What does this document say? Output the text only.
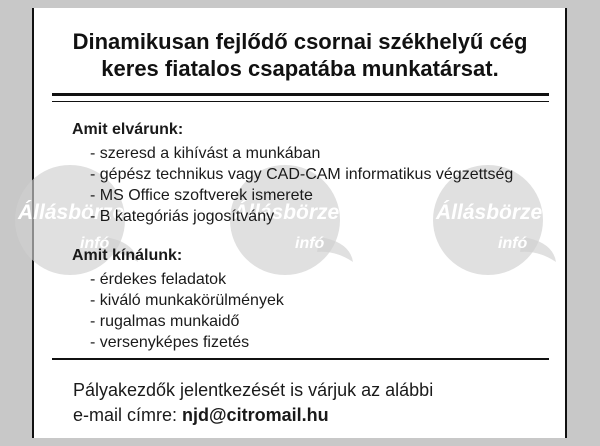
Állásbörze
infó
Állásbörze
infó
Állásbörze
infó
Dinamikusan fejlődő csornai székhelyű cég
keres fiatalos csapatába munkatársat.
Amit elvárunk:
- szeresd a kihívást a munkában
- gépész technikus vagy CAD-CAM informatikus végzettség
- MS Office szoftverek ismerete
- B kategóriás jogosítvány
Amit kínálunk:
- érdekes feladatok
- kiváló munkakörülmények
- rugalmas munkaidő
- versenyképes fizetés
Pályakezdők jelentkezését is várjuk az alábbi
e-mail címre: njd@citromail.hu
